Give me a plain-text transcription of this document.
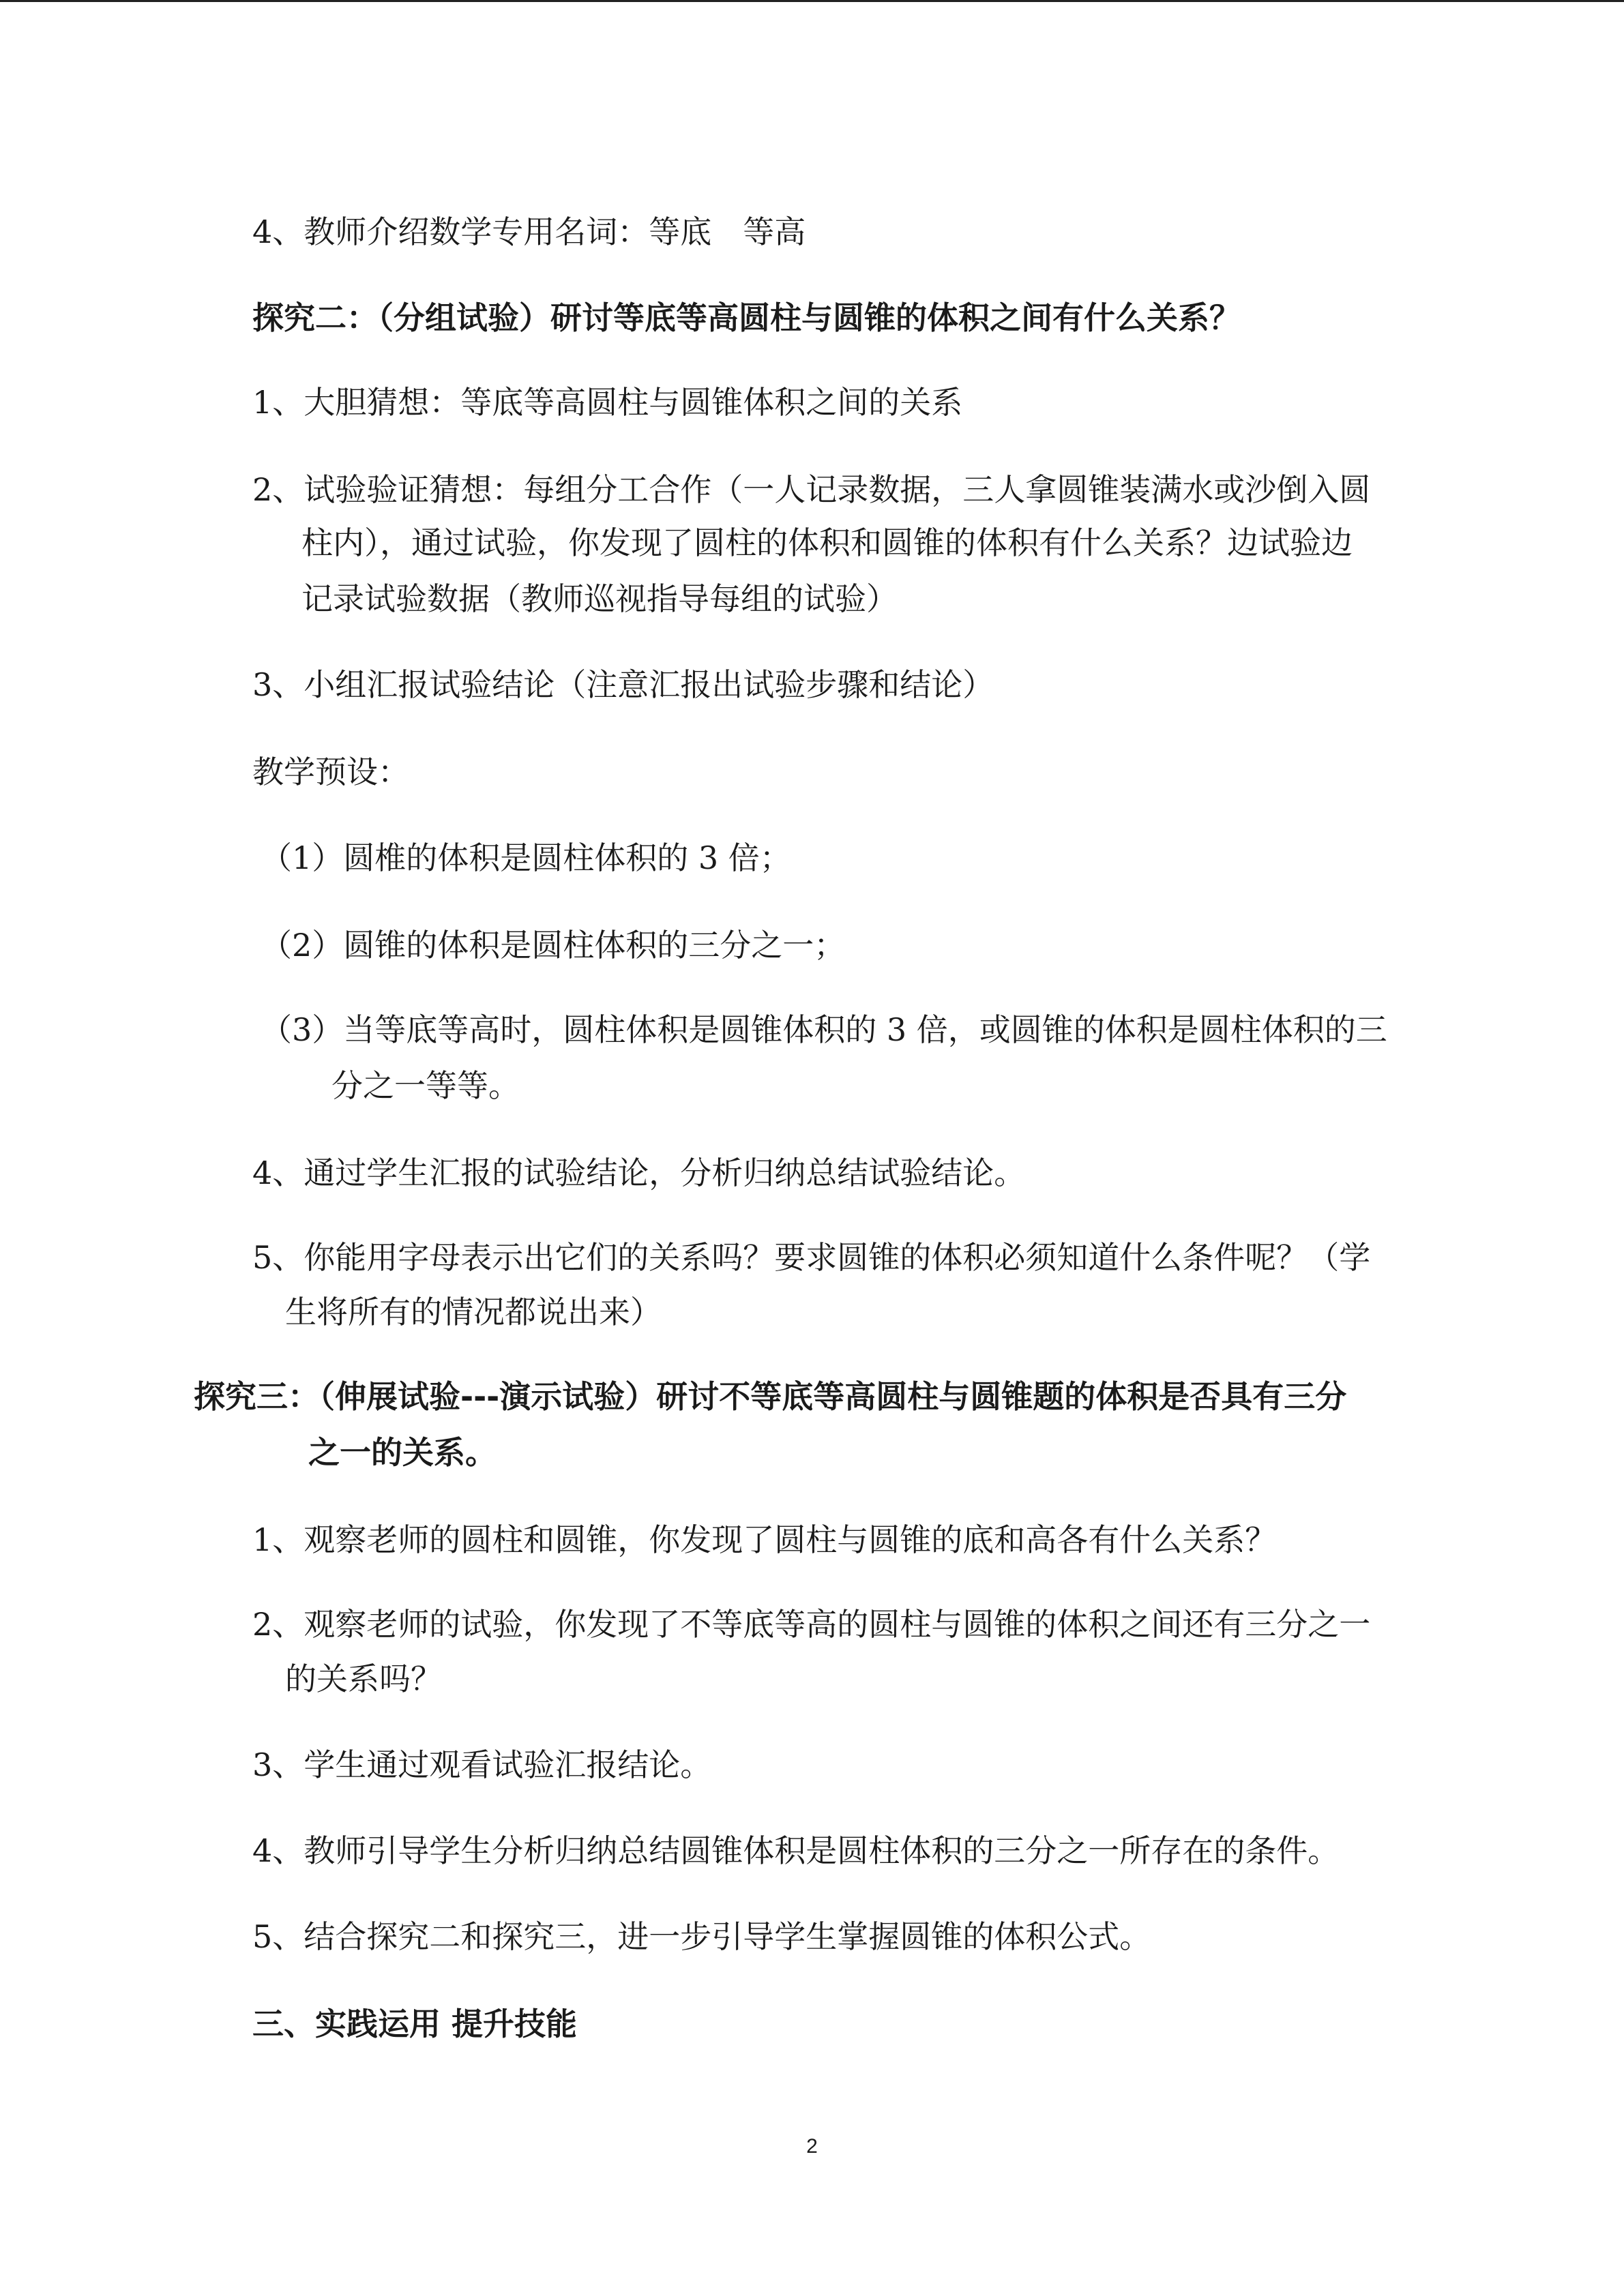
4、教师介绍数学专用名词：等底　等高
探究二：（分组试验）研讨等底等高圆柱与圆锥的体积之间有什么关系？
1、大胆猜想：等底等高圆柱与圆锥体积之间的关系
2、试验验证猜想：每组分工合作（一人记录数据，三人拿圆锥装满水或沙倒入圆
柱内），通过试验，你发现了圆柱的体积和圆锥的体积有什么关系？边试验边
记录试验数据（教师巡视指导每组的试验）
3、小组汇报试验结论（注意汇报出试验步骤和结论）
教学预设：
（1）圆椎的体积是圆柱体积的 3 倍；
（2）圆锥的体积是圆柱体积的三分之一；
（3）当等底等高时，圆柱体积是圆锥体积的 3 倍，或圆锥的体积是圆柱体积的三
分之一等等。
4、通过学生汇报的试验结论，分析归纳总结试验结论。
5、你能用字母表示出它们的关系吗？要求圆锥的体积必须知道什么条件呢？（学
生将所有的情况都说出来）
探究三：（伸展试验---演示试验）研讨不等底等高圆柱与圆锥题的体积是否具有三分
之一的关系。
1、观察老师的圆柱和圆锥，你发现了圆柱与圆锥的底和高各有什么关系？
2、观察老师的试验，你发现了不等底等高的圆柱与圆锥的体积之间还有三分之一
的关系吗？
3、学生通过观看试验汇报结论。
4、教师引导学生分析归纳总结圆锥体积是圆柱体积的三分之一所存在的条件。
5、结合探究二和探究三，进一步引导学生掌握圆锥的体积公式。
三、实践运用 提升技能
2
